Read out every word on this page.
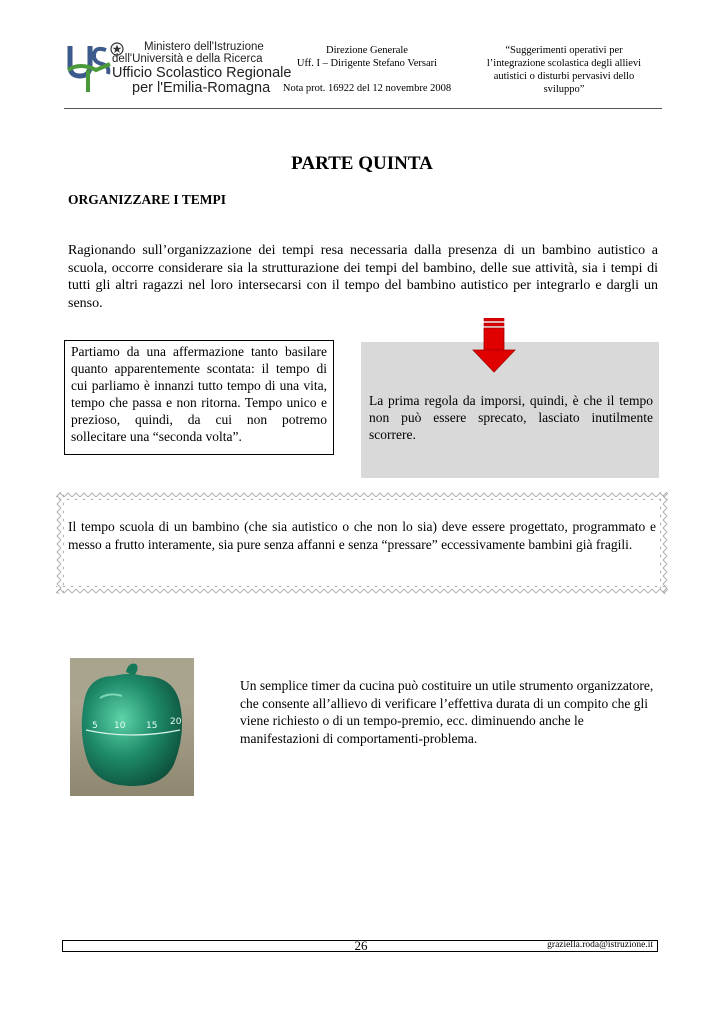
Ministero dell'Istruzione
dell'Università e della Ricerca
Ufficio Scolastico Regionale
per l'Emilia-Romagna
Direzione Generale
Uff. I – Dirigente Stefano Versari
Nota prot. 16922 del 12 novembre 2008
“Suggerimenti operativi per l’integrazione scolastica degli allievi autistici o disturbi pervasivi dello sviluppo”
PARTE QUINTA

ORGANIZZARE I TEMPI

Ragionando sull’organizzazione dei tempi resa necessaria dalla presenza di un bambino autistico a scuola, occorre considerare sia la strutturazione dei tempi del bambino, delle sue attività, sia i tempi di tutti gli altri ragazzi nel loro intersecarsi con il tempo del bambino autistico per integrarlo e dargli un senso.

Partiamo da una affermazione tanto basilare quanto apparentemente scontata: il tempo di cui parliamo è innanzi tutto tempo di una vita, tempo che passa e non ritorna. Tempo unico e prezioso, quindi, da cui non potremo sollecitare una “seconda volta”.

La prima regola da imporsi, quindi, è che il tempo non può essere sprecato, lasciato inutilmente scorrere.

Il tempo scuola di un bambino (che sia autistico o che non lo sia) deve essere progettato, programmato e messo a frutto interamente, sia pure senza affanni e senza “pressare” eccessivamente bambini già fragili.

5 10 15 20

Un semplice timer da cucina può costituire un utile strumento organizzatore, che consente all’allievo di verificare l’effettiva durata di un compito che gli viene richiesto o di un tempo-premio, ecc. diminuendo anche le manifestazioni di comportamenti-problema.

26	graziella.roda@istruzione.it
